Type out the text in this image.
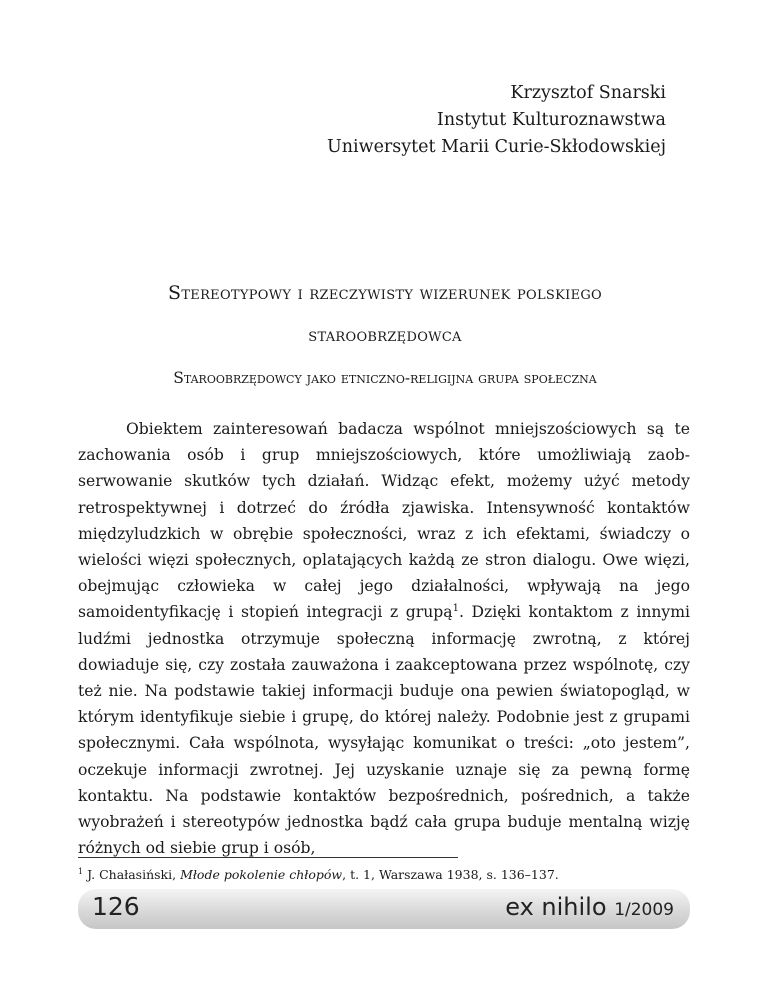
Krzysztof Snarski
Instytut Kulturoznawstwa
Uniwersytet Marii Curie-Skłodowskiej
Stereotypowy i rzeczywisty wizerunek polskiego
staroobrzędowca
Staroobrzędowcy jako etniczno-religijna grupa społeczna

Obiektem zainteresowań badacza wspólnot mniejszościowych są te zachowania osób i grup mniejszościowych, które umożliwiają zaobserwowanie skutków tych działań. Widząc efekt, możemy użyć metody retrospektywnej i dotrzeć do źródła zjawiska. Intensywność kontaktów międzyludzkich w obrębie społeczności, wraz z ich efektami, świadczy o wielości więzi społecznych, oplatających każdą ze stron dialogu. Owe więzi, obejmując człowieka w całej jego działalności, wpływają na jego samoidentyfikację i stopień integracji z grupą$^1$. Dzięki kontaktom z innymi ludźmi jednostka otrzymuje społeczną informację zwrotną, z której dowiaduje się, czy została zauważona i zaakceptowana przez wspólnotę, czy też nie. Na podstawie takiej informacji buduje ona pewien światopogląd, w którym identyfikuje siebie i grupę, do której należy. Podobnie jest z grupami społecznymi. Cała wspólnota, wysyłając komunikat o treści: „oto jestem”, oczekuje informacji zwrotnej. Jej uzyskanie uznaje się za pewną formę kontaktu. Na podstawie kontaktów bezpośrednich, pośrednich, a także wyobrażeń i stereotypów jednostka bądź cała grupa buduje mentalną wizję różnych od siebie grup i osób,

$^1$ J. Chałasiński, Młode pokolenie chłopów, t. 1, Warszawa 1938, s. 136–137.
126	ex nihilo 1/2009
